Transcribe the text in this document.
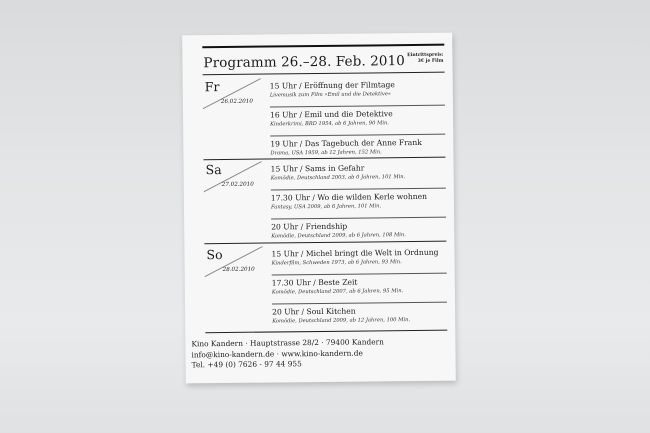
Programm 26.–28. Feb. 2010 Eintrittspreis:
3€ je Film
Fr
26.02.2010
15 Uhr / Eröffnung der Filmtage
Livemusik zum Film »Emil und die Detektive«
16 Uhr / Emil und die Detektive
Kinderkrimi, BRD 1954, ab 6 Jahren, 90 Min.
19 Uhr / Das Tagebuch der Anne Frank
Drama, USA 1959, ab 12 Jahren, 152 Min.
Sa
27.02.2010
15 Uhr / Sams in Gefahr
Komödie, Deutschland 2003, ab 0 Jahren, 101 Min.
17.30 Uhr / Wo die wilden Kerle wohnen
Fantasy, USA 2009, ab 6 Jahren, 101 Min.
20 Uhr / Friendship
Komödie, Deutschland 2009, ab 6 Jahren, 108 Min.
So
28.02.2010
15 Uhr / Michel bringt die Welt in Ordnung
Kinderfilm, Schweden 1973, ab 6 Jahren, 93 Min.
17.30 Uhr / Beste Zeit
Komödie, Deutschland 2007, ab 6 Jahren, 95 Min.
20 Uhr / Soul Kitchen
Komödie, Deutschland 2009, ab 12 Jahren, 100 Min.
Kino Kandern · Hauptstrasse 28/2 · 79400 Kandern
info@kino-kandern.de · www.kino-kandern.de
Tel. +49 (0) 7626 - 97 44 955
